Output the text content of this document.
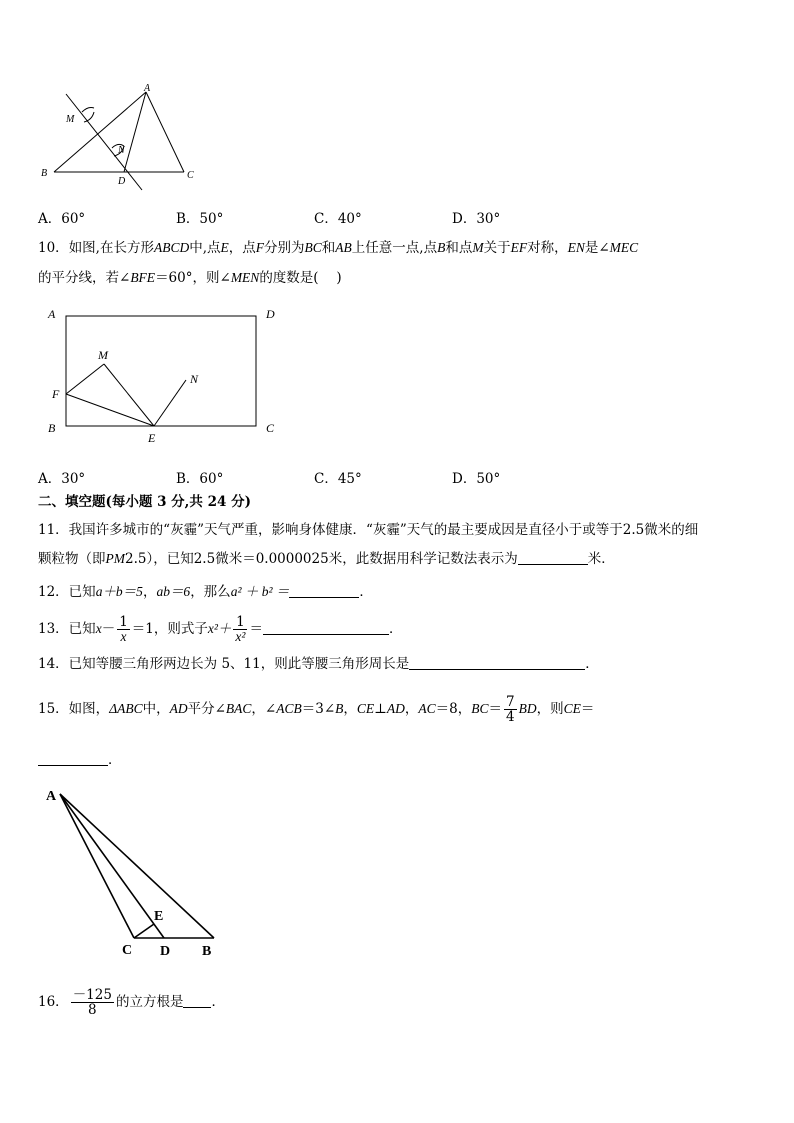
A
M
N
B
D
C
A．60°	B．50°	C．40°	D．30°
10．如图,在长方形ABCD中,点E，点F分别为BC和AB上任意一点,点B和点M关于EF对称，EN是∠MEC
的平分线，若∠BFE＝60°，则∠MEN的度数是(　 )
A	D
M
N
F
B
E
C
A．30°	B．60°	C．45°	D．50°
二、填空题(每小题 3 分,共 24 分)
11．我国许多城市的“灰霾”天气严重，影响身体健康．“灰霾”天气的最主要成因是直径小于或等于2.5微米的细
颗粒物（即PM2.5），已知2.5微米＝0.0000025米，此数据用科学记数法表示为	米．
12．已知a＋b＝5，ab＝6，那么a² ＋ b² ＝	．
13．已知$x- \frac{1}{x} =1$，则式子$x^2+ \frac{1}{\text{x²}}$ ＝	．
14．已知等腰三角形两边长为 5、11，则此等腰三角形周长是	．
15．如图，ΔABC中，AD平分∠BAC，∠ACB＝3∠B，CE⊥AD，AC＝8，$BC= \frac{7}{4}$ BD，则CE＝
．
A
E
C D B
16． $\frac{-125}{8}$ 的立方根是 ．
